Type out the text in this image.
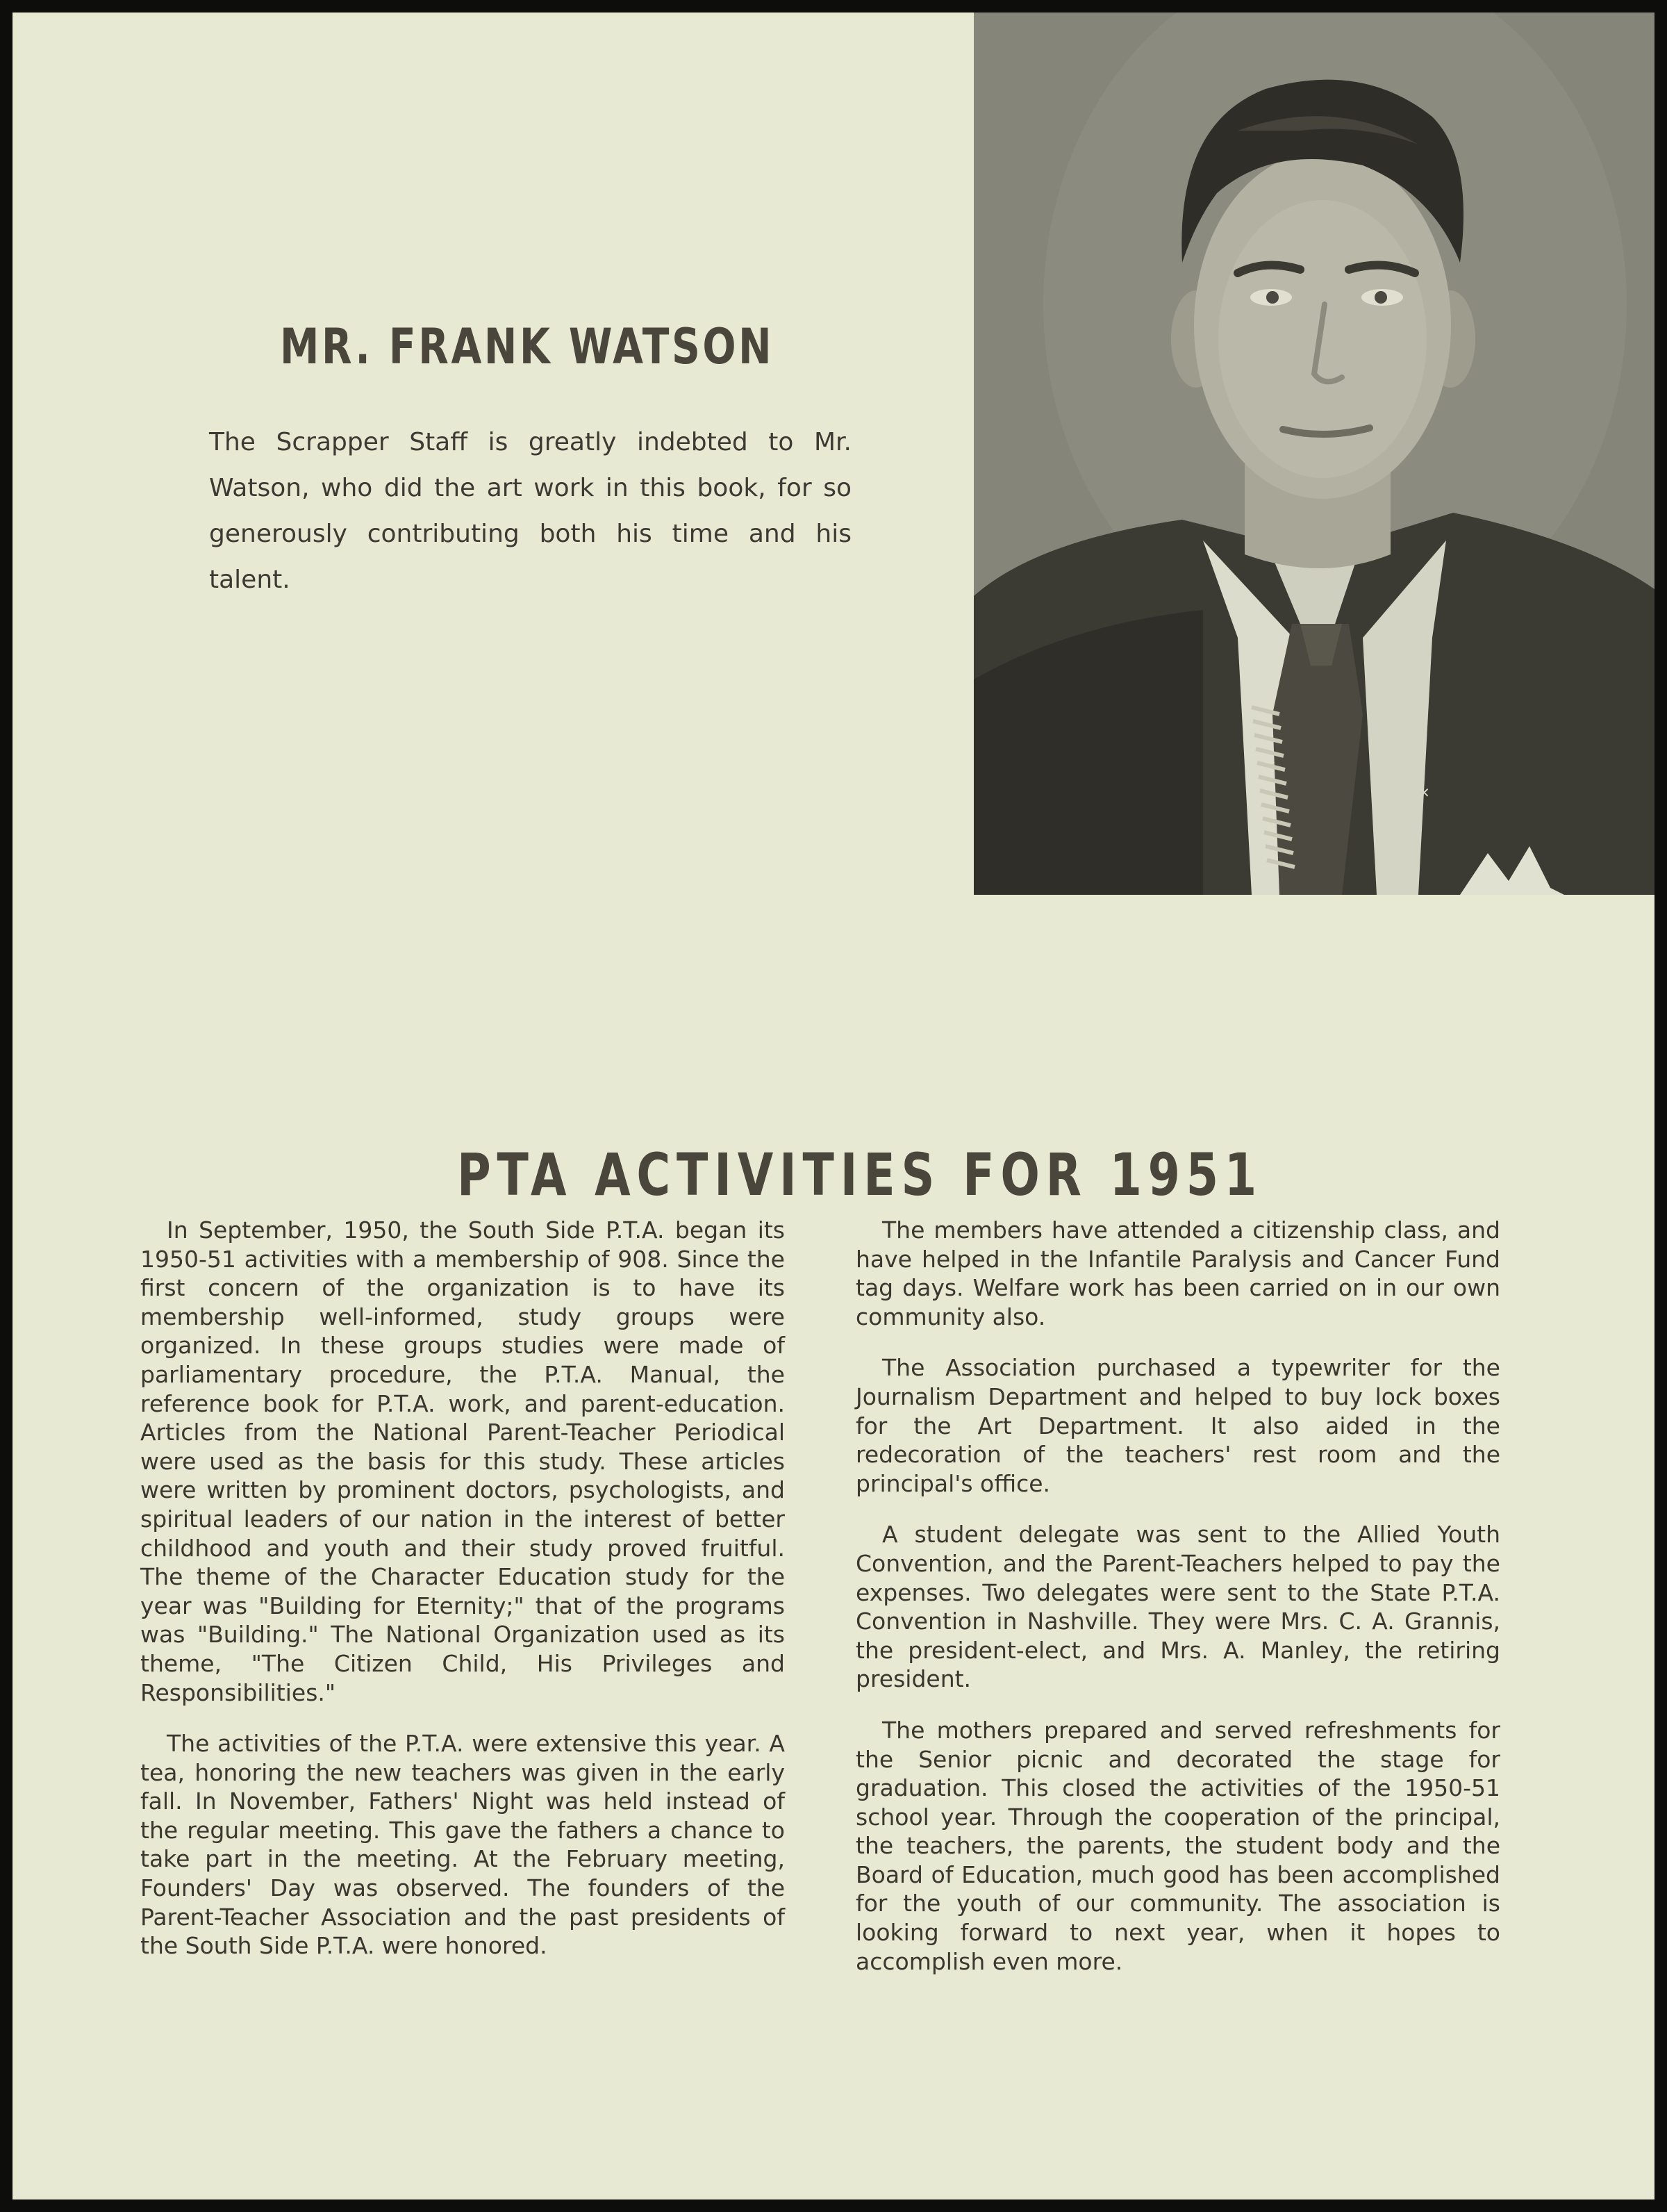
✕
MR. FRANK WATSON

The Scrapper Staff is greatly indebted to Mr. Watson, who did the art work in this book, for so generously contributing both his time and his talent.

PTA ACTIVITIES FOR 1951

In September, 1950, the South Side P.T.A. began its 1950-51 activities with a membership of 908. Since the first concern of the organization is to have its membership well-informed, study groups were organized. In these groups studies were made of parliamentary procedure, the P.T.A. Manual, the reference book for P.T.A. work, and parent-education. Articles from the National Parent-Teacher Periodical were used as the basis for this study. These articles were written by prominent doctors, psychologists, and spiritual leaders of our nation in the interest of better childhood and youth and their study proved fruitful. The theme of the Character Education study for the year was "Building for Eternity;" that of the programs was "Building." The National Organization used as its theme, "The Citizen Child, His Privileges and Responsibilities."

The activities of the P.T.A. were extensive this year. A tea, honoring the new teachers was given in the early fall. In November, Fathers' Night was held instead of the regular meeting. This gave the fathers a chance to take part in the meeting. At the February meeting, Founders' Day was observed. The founders of the Parent-Teacher Association and the past presidents of the South Side P.T.A. were honored.

The members have attended a citizenship class, and have helped in the Infantile Paralysis and Cancer Fund tag days. Welfare work has been carried on in our own community also.

The Association purchased a typewriter for the Journalism Department and helped to buy lock boxes for the Art Department. It also aided in the redecoration of the teachers' rest room and the principal's office.

A student delegate was sent to the Allied Youth Convention, and the Parent-Teachers helped to pay the expenses. Two delegates were sent to the State P.T.A. Convention in Nashville. They were Mrs. C. A. Grannis, the president-elect, and Mrs. A. Manley, the retiring president.

The mothers prepared and served refreshments for the Senior picnic and decorated the stage for graduation. This closed the activities of the 1950-51 school year. Through the cooperation of the principal, the teachers, the parents, the student body and the Board of Education, much good has been accomplished for the youth of our community. The association is looking forward to next year, when it hopes to accomplish even more.
